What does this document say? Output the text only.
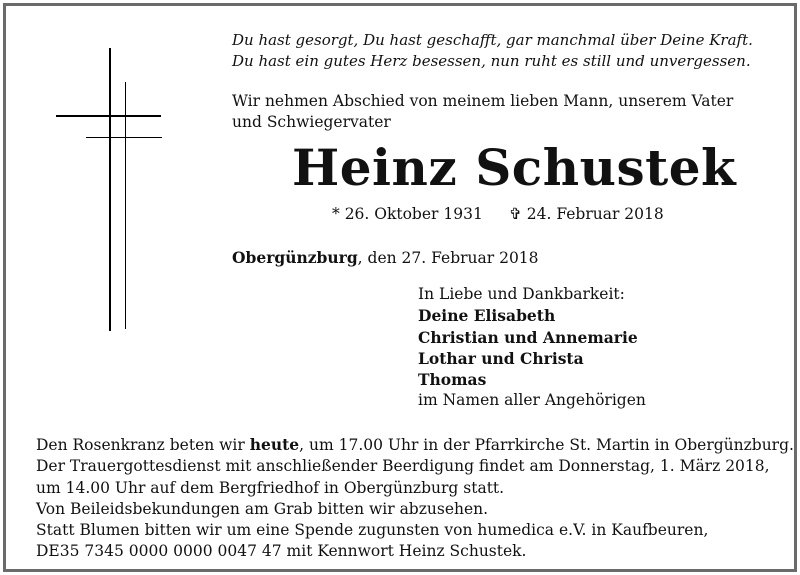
Du hast gesorgt, Du hast geschafft, gar manchmal über Deine Kraft.
Du hast ein gutes Herz besessen, nun ruht es still und unvergessen.
Wir nehmen Abschied von meinem lieben Mann, unserem Vater
und Schwiegervater
Heinz Schustek
* 26. Oktober 1931 ✞ 24. Februar 2018
Obergünzburg, den 27. Februar 2018
In Liebe und Dankbarkeit:
Deine Elisabeth
Christian und Annemarie
Lothar und Christa
Thomas
im Namen aller Angehörigen
Den Rosenkranz beten wir heute, um 17.00 Uhr in der Pfarrkirche St. Martin in Obergünzburg.
Der Trauergottesdienst mit anschließender Beerdigung findet am Donnerstag, 1. März 2018,
um 14.00 Uhr auf dem Bergfriedhof in Obergünzburg statt.
Von Beileidsbekundungen am Grab bitten wir abzusehen.
Statt Blumen bitten wir um eine Spende zugunsten von humedica e.V. in Kaufbeuren,
DE35 7345 0000 0000 0047 47 mit Kennwort Heinz Schustek.
